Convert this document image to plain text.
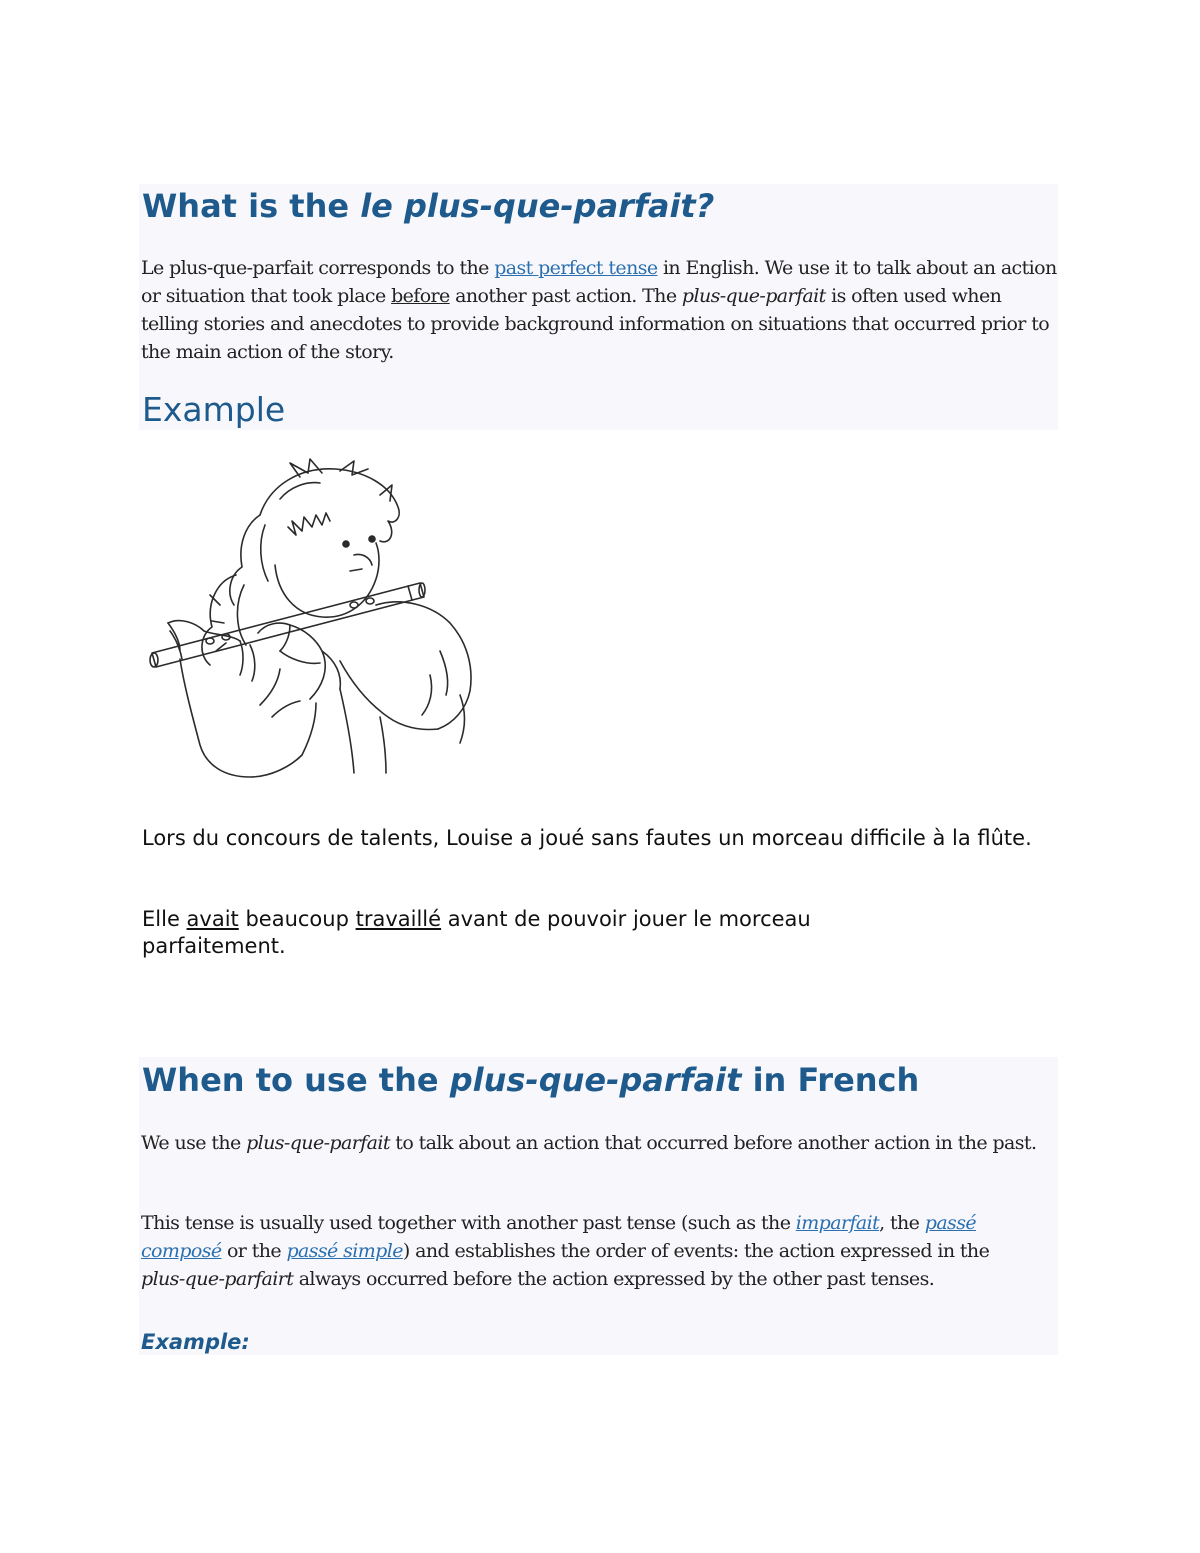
What is the le plus-que-parfait?

Le plus-que-parfait corresponds to the past perfect tense in English. We use it to talk about an action or situation that took place before another past action. The plus-que-parfait is often used when telling stories and anecdotes to provide background information on situations that occurred prior to the main action of the story.

Example

Lors du concours de talents, Louise a joué sans fautes un morceau difficile à la flûte.

Elle avait beaucoup travaillé avant de pouvoir jouer le morceau parfaitement.

When to use the plus-que-parfait in French

We use the plus-que-parfait to talk about an action that occurred before another action in the past.

This tense is usually used together with another past tense (such as the imparfait, the passé composé or the passé simple) and establishes the order of events: the action expressed in the plus-que-parfairt always occurred before the action expressed by the other past tenses.

Example:
